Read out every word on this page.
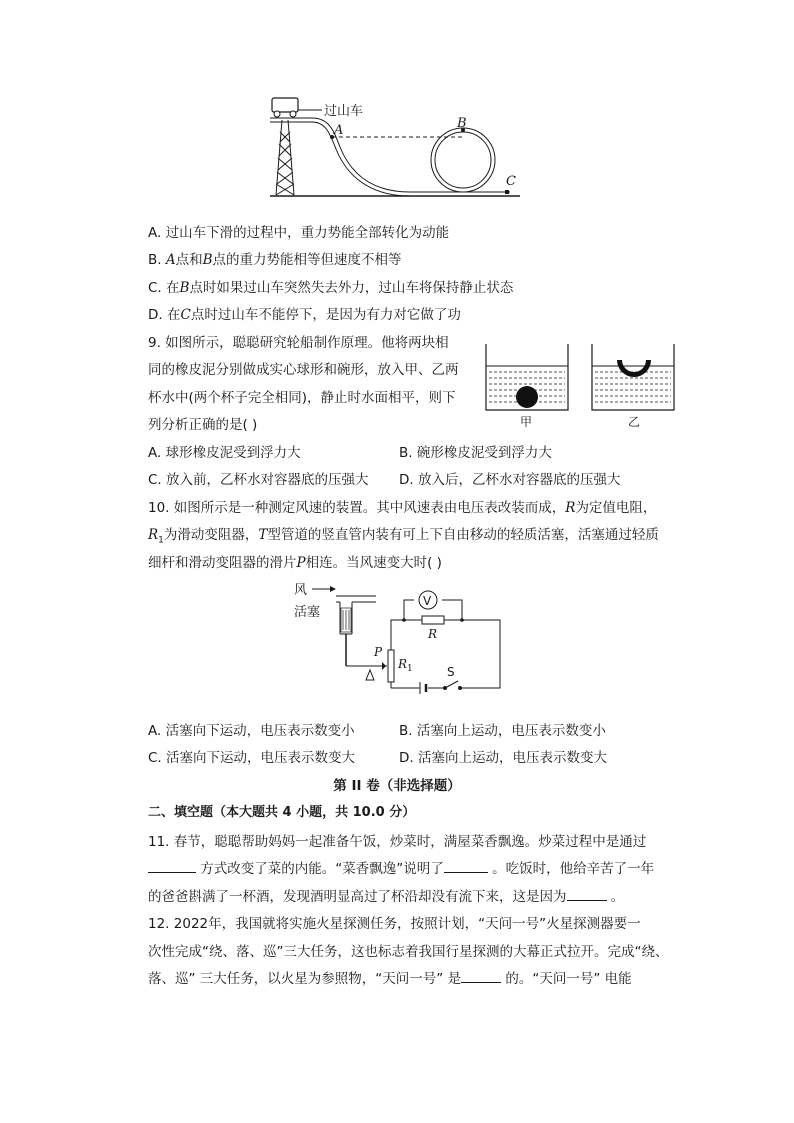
过山车
A	B
C
A. 过山车下滑的过程中，重力势能全部转化为动能
B. A点和B点的重力势能相等但速度不相等
C. 在B点时如果过山车突然失去外力，过山车将保持静止状态
D. 在C点时过山车不能停下，是因为有力对它做了功
9. 如图所示，聪聪研究轮船制作原理。他将两块相
同的橡皮泥分别做成实心球形和碗形，放入甲、乙两
杯水中(两个杯子完全相同)，静止时水面相平，则下
列分析正确的是( )	甲	乙
A. 球形橡皮泥受到浮力大	B. 碗形橡皮泥受到浮力大
C. 放入前，乙杯水对容器底的压强大 D. 放入后，乙杯水对容器底的压强大
10. 如图所示是一种测定风速的装置。其中风速表由电压表改装而成，R为定值电阻，
$R_1$为滑动变阻器，T型管道的竖直管内装有可上下自由移动的轻质活塞，活塞通过轻质
细杆和滑动变阻器的滑片P相连。当风速变大时( )
风
活塞
P
$R_1$
V
R
S
A. 活塞向下运动，电压表示数变小	B. 活塞向上运动，电压表示数变小
C. 活塞向下运动，电压表示数变大	D. 活塞向上运动，电压表示数变大
第 II 卷（非选择题）
二、填空题（本大题共 4 小题，共 10.0 分）
11. 春节，聪聪帮助妈妈一起准备午饭，炒菜时，满屋菜香飘逸。炒菜过程中是通过
方式改变了菜的内能。“菜香飘逸”说明了	。吃饭时，他给辛苦了一年
的爸爸斟满了一杯酒，发现酒明显高过了杯沿却没有流下来，这是因为	。
12. 2022年，我国就将实施火星探测任务，按照计划，“天问一号”火星探测器要一
次性完成“绕、落、巡”三大任务，这也标志着我国行星探测的大幕正式拉开。完成“绕、
落、巡” 三大任务，以火星为参照物，“天问一号” 是	的。“天问一号” 电能
